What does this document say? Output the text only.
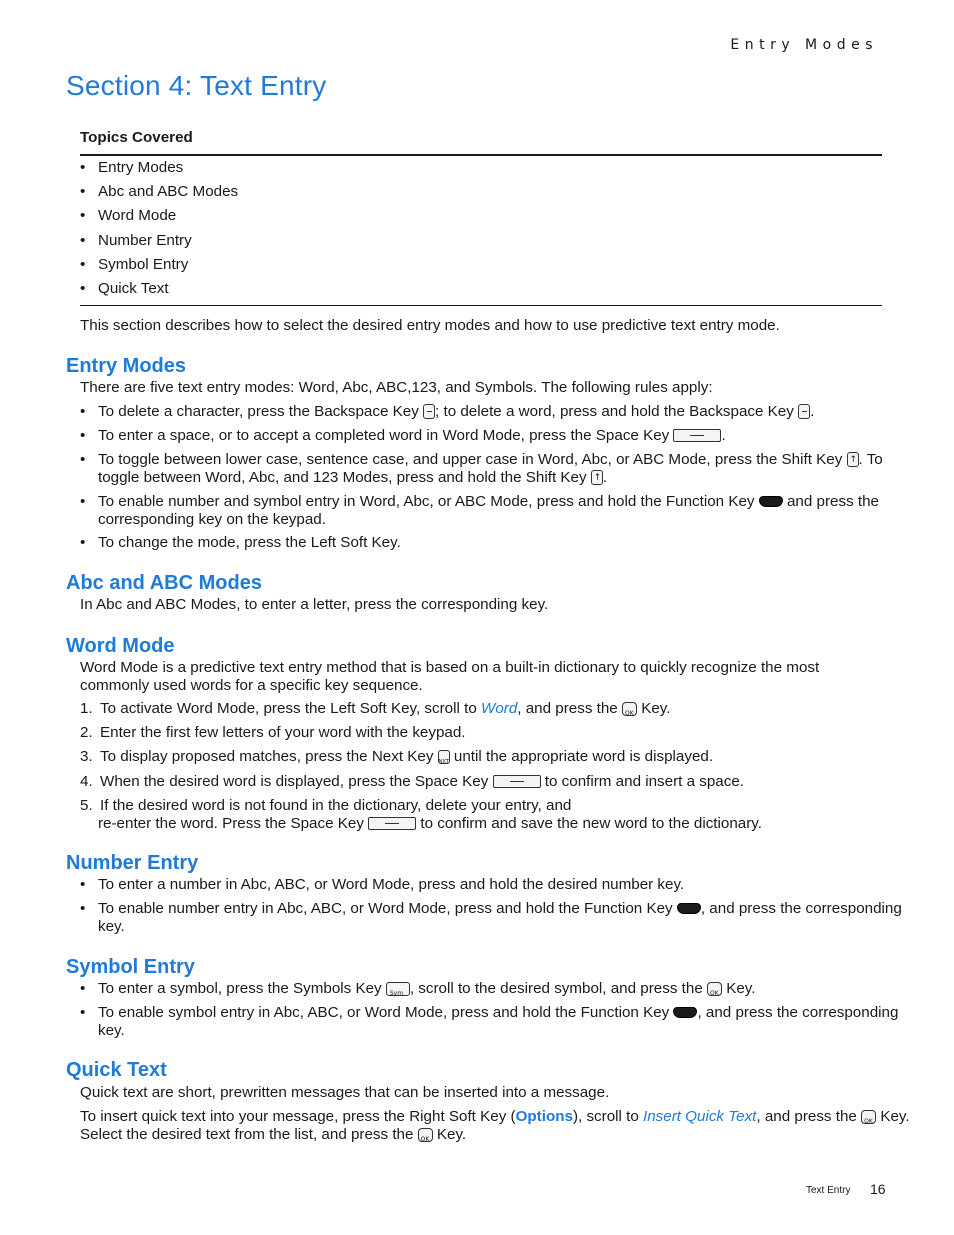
Entry Modes
Section 4: Text Entry
Topics Covered
• Entry Modes
• Abc and ABC Modes
• Word Mode
• Number Entry
• Symbol Entry
• Quick Text
This section describes how to select the desired entry modes and how to use predictive text entry mode.
Entry Modes
There are five text entry modes: Word, Abc, ABC,123, and Symbols. The following rules apply:
• To delete a character, press the Backspace Key ; to delete a word, press and hold the Backspace Key .
• To enter a space, or to accept a completed word in Word Mode, press the Space Key	.
• To toggle between lower case, sentence case, and upper case in Word, Abc, or ABC Mode, press the Shift Key ↑. To
toggle between Word, Abc, and 123 Modes, press and hold the Shift Key ↑.
• To enable number and symbol entry in Word, Abc, or ABC Mode, press and hold the Function Key  and press the
corresponding key on the keypad.
• To change the mode, press the Left Soft Key.
Abc and ABC Modes
In Abc and ABC Modes, to enter a letter, press the corresponding key.
Word Mode
Word Mode is a predictive text entry method that is based on a built-in dictionary to quickly recognize the most
commonly used words for a specific key sequence.
1. To activate Word Mode, press the Left Soft Key, scroll to Word, and press the OK Key.
2. Enter the first few letters of your word with the keypad.
3. To display proposed matches, press the Next Key NXT until the appropriate word is displayed.
4. When the desired word is displayed, press the Space Key	to confirm and insert a space.
5. If the desired word is not found in the dictionary, delete your entry, and
re-enter the word. Press the Space Key	to confirm and save the new word to the dictionary.
Number Entry
• To enter a number in Abc, ABC, or Word Mode, press and hold the desired number key.
• To enable number entry in Abc, ABC, or Word Mode, press and hold the Function Key , and press the corresponding
key.
Symbol Entry
• To enter a symbol, press the Symbols Key Sym, scroll to the desired symbol, and press the OK Key.
• To enable symbol entry in Abc, ABC, or Word Mode, press and hold the Function Key , and press the corresponding
key.
Quick Text
Quick text are short, prewritten messages that can be inserted into a message.
To insert quick text into your message, press the Right Soft Key (Options), scroll to Insert Quick Text, and press the OK Key.
Select the desired text from the list, and press the OK Key.
Text Entry 16
